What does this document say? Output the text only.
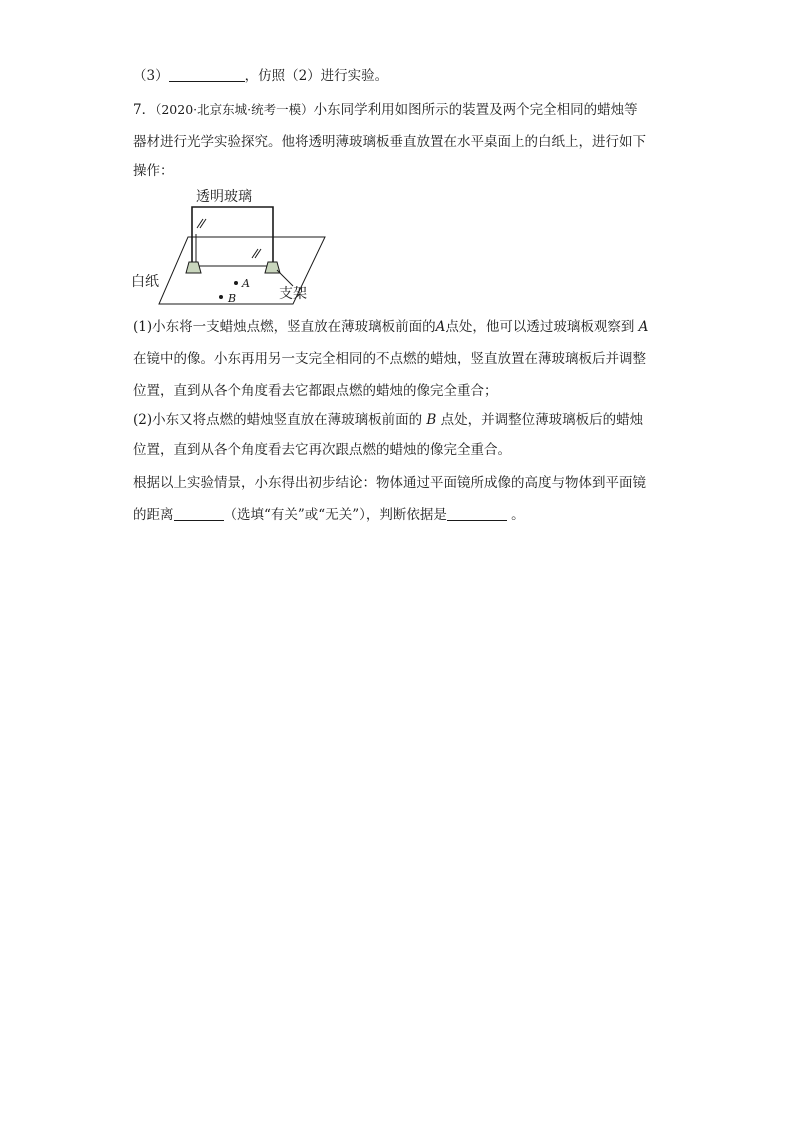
（3）	，仿照（2）进行实验。
7．（2020·北京东城·统考一模）小东同学利用如图所示的装置及两个完全相同的蜡烛等
器材进行光学实验探究。他将透明薄玻璃板垂直放置在水平桌面上的白纸上，进行如下
操作：
透明玻璃
支架
白纸	A
B
(1)小东将一支蜡烛点燃，竖直放在薄玻璃板前面的A点处，他可以透过玻璃板观察到 A
在镜中的像。小东再用另一支完全相同的不点燃的蜡烛，竖直放置在薄玻璃板后并调整
位置，直到从各个角度看去它都跟点燃的蜡烛的像完全重合；
(2)小东又将点燃的蜡烛竖直放在薄玻璃板前面的 B 点处，并调整位薄玻璃板后的蜡烛
位置，直到从各个角度看去它再次跟点燃的蜡烛的像完全重合。
根据以上实验情景，小东得出初步结论：物体通过平面镜所成像的高度与物体到平面镜
的距离	（选填“有关”或“无关”），判断依据是	。
